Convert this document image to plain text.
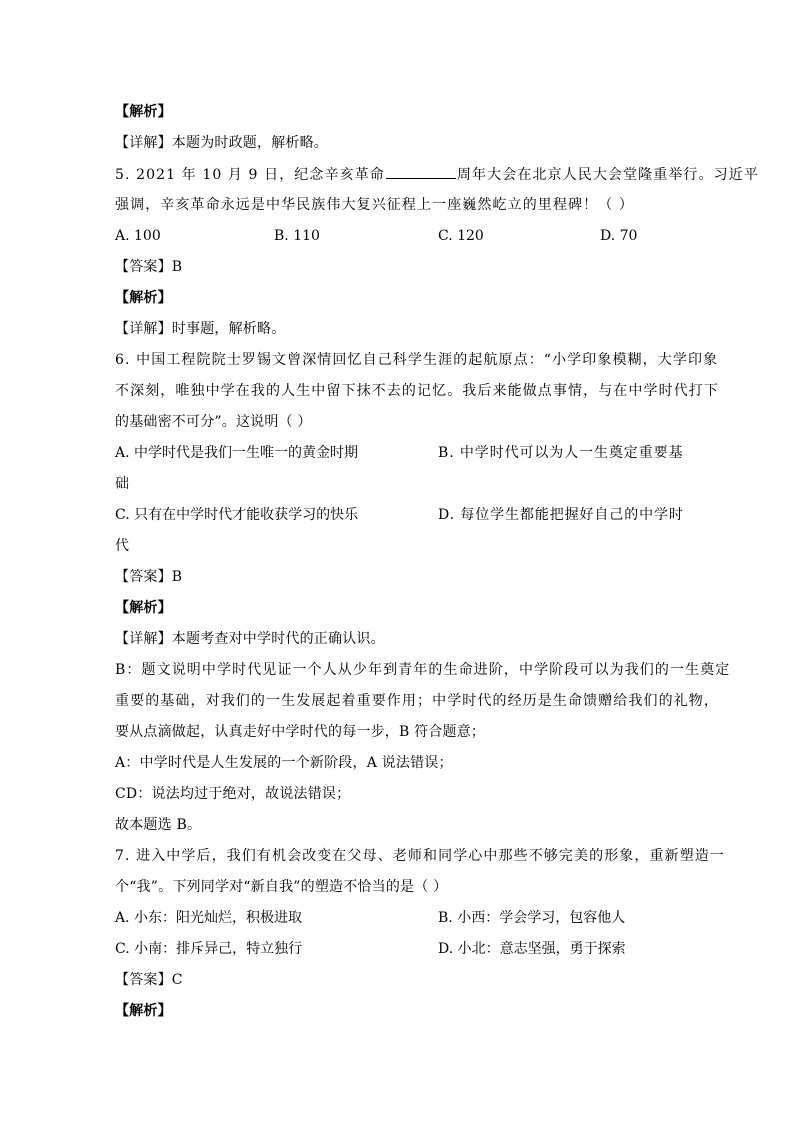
【解析】
【详解】本题为时政题，解析略。
5. 2021 年 10 月 9 日，纪念辛亥革命	周年大会在北京人民大会堂隆重举行。习近平
强调，辛亥革命永远是中华民族伟大复兴征程上一座巍然屹立的里程碑！（ ）
A. 100	B. 110	C. 120	D. 70
【答案】B
【解析】
【详解】时事题，解析略。
6. 中国工程院院士罗锡文曾深情回忆自己科学生涯的起航原点：“小学印象模糊，大学印象
不深刻，唯独中学在我的人生中留下抹不去的记忆。我后来能做点事情，与在中学时代打下
的基础密不可分”。这说明（ ）
A. 中学时代是我们一生唯一的黄金时期	B. 中学时代可以为人一生奠定重要基
础
C. 只有在中学时代才能收获学习的快乐	D. 每位学生都能把握好自己的中学时
代
【答案】B
【解析】
【详解】本题考查对中学时代的正确认识。
B：题文说明中学时代见证一个人从少年到青年的生命进阶，中学阶段可以为我们的一生奠定
重要的基础，对我们的一生发展起着重要作用；中学时代的经历是生命馈赠给我们的礼物，
要从点滴做起，认真走好中学时代的每一步，B 符合题意；
A：中学时代是人生发展的一个新阶段，A 说法错误；
CD：说法均过于绝对，故说法错误；
故本题选 B。
7. 进入中学后，我们有机会改变在父母、老师和同学心中那些不够完美的形象，重新塑造一
个“我”。下列同学对“新自我”的塑造不恰当的是（ ）
A. 小东：阳光灿烂，积极进取	B. 小西：学会学习，包容他人
C. 小南：排斥异己，特立独行	D. 小北：意志坚强，勇于探索
【答案】C
【解析】
